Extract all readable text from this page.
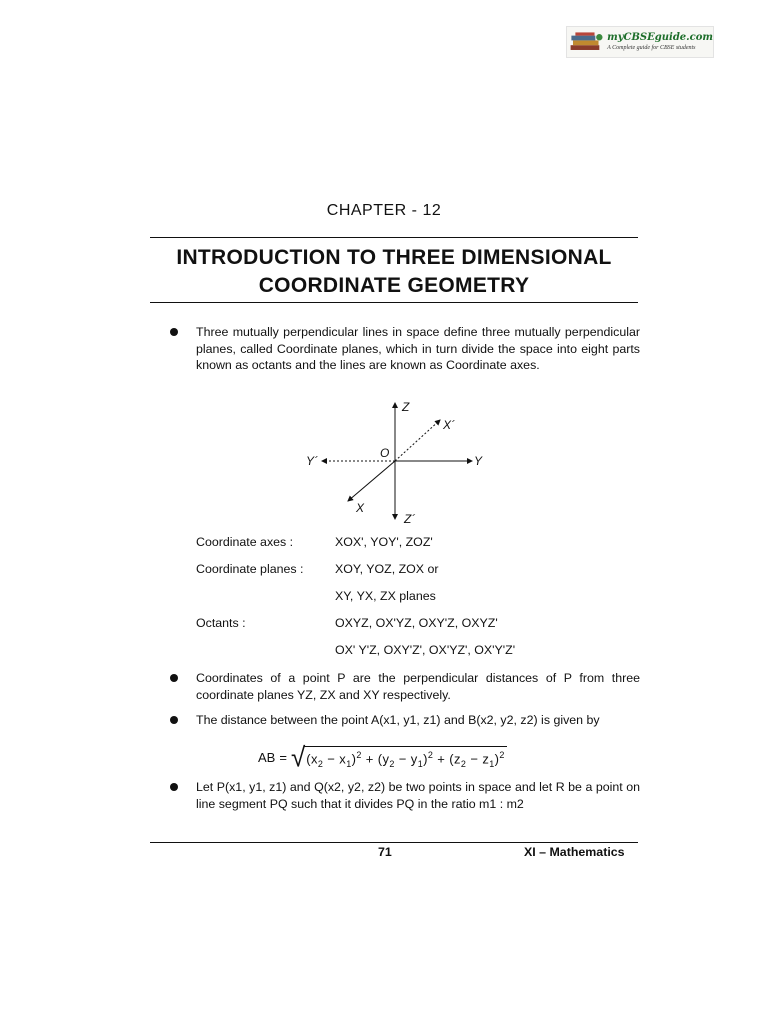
myCBSEguide.com
A Complete guide for CBSE students
CHAPTER - 12
INTRODUCTION TO THREE DIMENSIONAL
COORDINATE GEOMETRY
Three mutually perpendicular lines in space define three mutually perpendicular planes, called Coordinate planes, which in turn divide the space into eight parts known as octants and the lines are known as Coordinate axes.
Z
X´
O
Y´	Y
X
Z´
Coordinate axes :	XOX', YOY', ZOZ'
Coordinate planes :	XOY, YOZ, ZOX or
XY, YX, ZX planes
Octants :	OXYZ, OX'YZ, OXY'Z, OXYZ'
OX' Y'Z, OXY'Z', OX'YZ', OX'Y'Z'
Coordinates of a point P are the perpendicular distances of P from three coordinate planes YZ, ZX and XY respectively.
The distance between the point A(x1, y1, z1) and B(x2, y2, z2) is given by
AB = √ $(x_2 - x_1)^2 + (y_2 - y_1)^2 + (z_2 - z_1)^2$
Let P(x1, y1, z1) and Q(x2, y2, z2) be two points in space and let R be a point on line segment PQ such that it divides PQ in the ratio m1 : m2
71	XI – Mathematics
